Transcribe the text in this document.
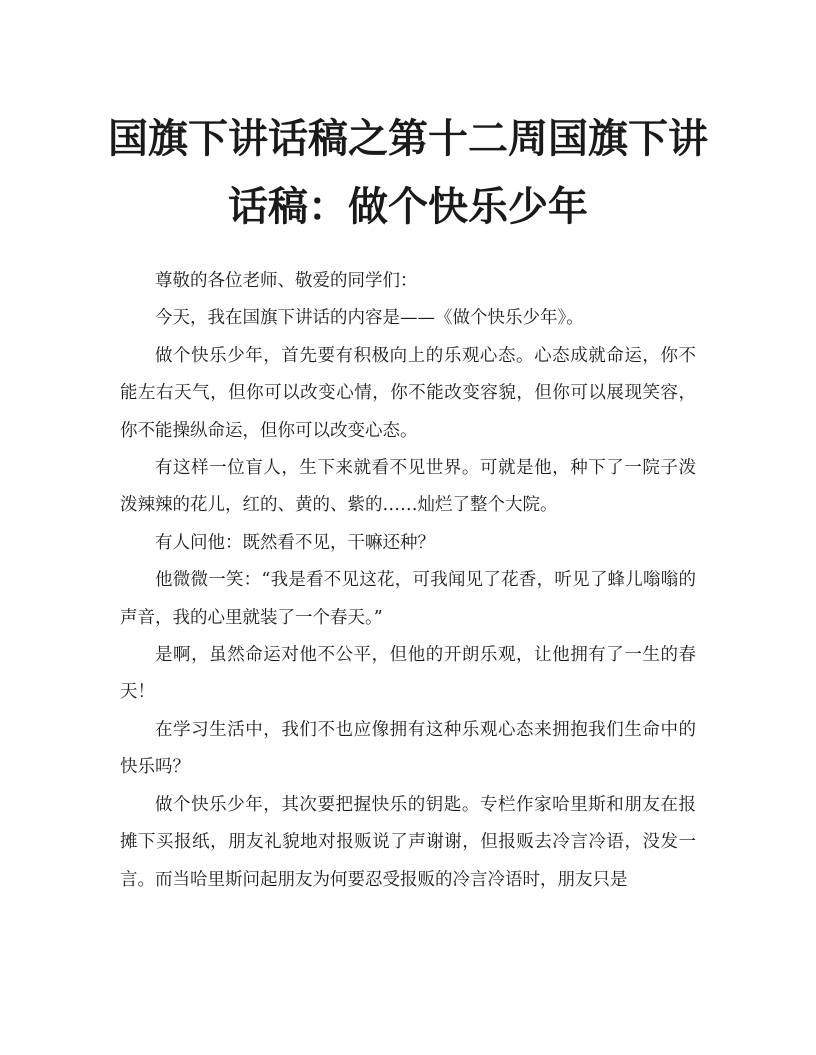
国旗下讲话稿之第十二周国旗下讲话稿：做个快乐少年

尊敬的各位老师、敬爱的同学们：

今天，我在国旗下讲话的内容是——《做个快乐少年》。

做个快乐少年，首先要有积极向上的乐观心态。心态成就命运，你不能左右天气，但你可以改变心情，你不能改变容貌，但你可以展现笑容，你不能操纵命运，但你可以改变心态。

有这样一位盲人，生下来就看不见世界。可就是他，种下了一院子泼泼辣辣的花儿，红的、黄的、紫的……灿烂了整个大院。

有人问他：既然看不见，干嘛还种？

他微微一笑：“我是看不见这花，可我闻见了花香，听见了蜂儿嗡嗡的声音，我的心里就装了一个春天。”

是啊，虽然命运对他不公平，但他的开朗乐观，让他拥有了一生的春天！

在学习生活中，我们不也应像拥有这种乐观心态来拥抱我们生命中的快乐吗？

做个快乐少年，其次要把握快乐的钥匙。专栏作家哈里斯和朋友在报摊下买报纸，朋友礼貌地对报贩说了声谢谢，但报贩去冷言冷语，没发一言。而当哈里斯问起朋友为何要忍受报贩的冷言冷语时，朋友只是
